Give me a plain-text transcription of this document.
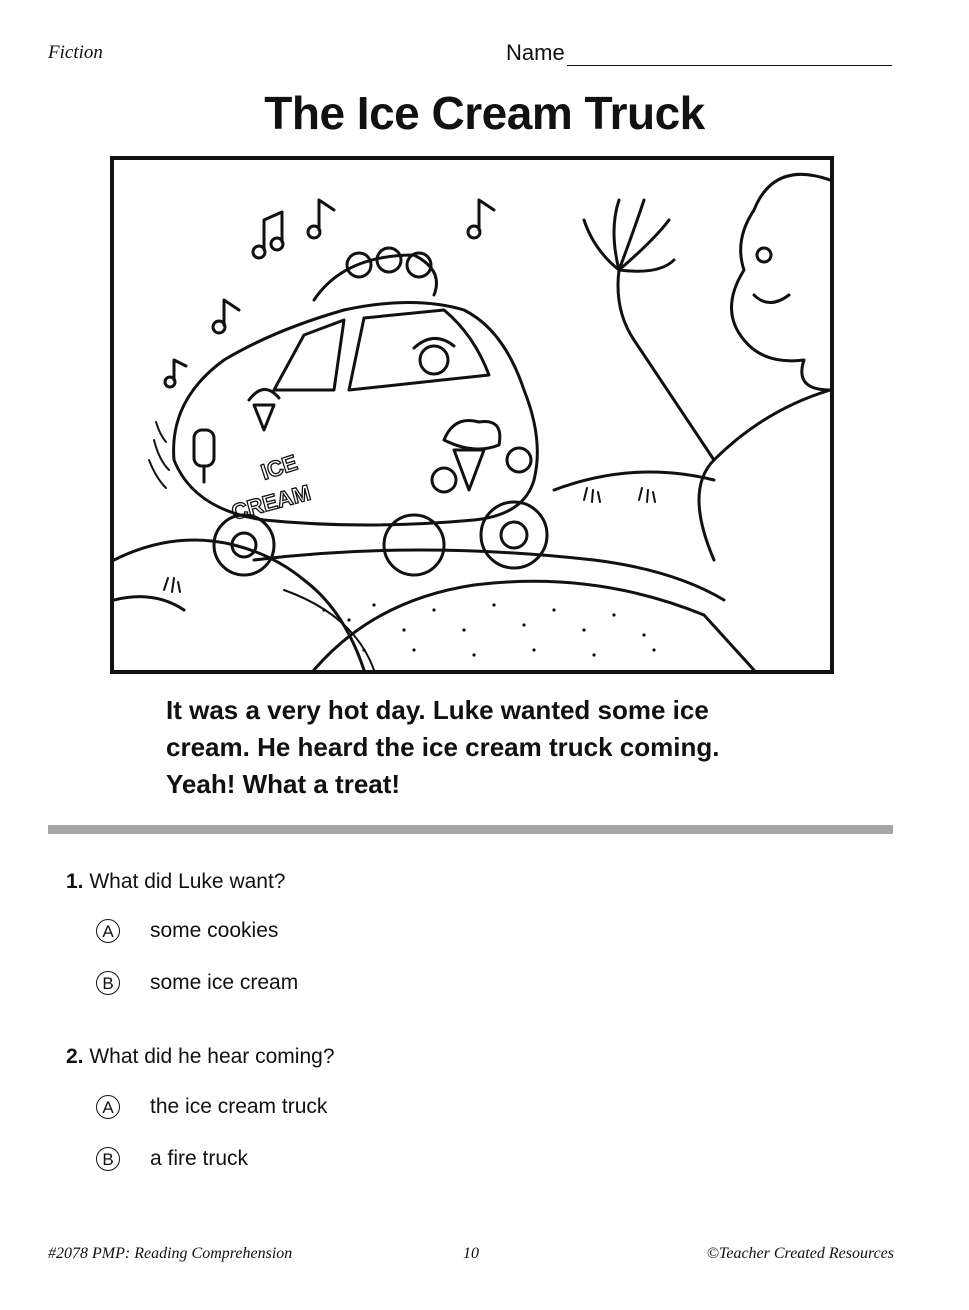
Fiction	Name
The Ice Cream Truck
ICE
CREAM
It was a very hot day. Luke wanted some ice
cream. He heard the ice cream truck coming.
Yeah! What a treat!
1. What did Luke want?
A	some cookies
B	some ice cream
2. What did he hear coming?
A	the ice cream truck
B	a fire truck
#2078 PMP: Reading Comprehension	10	©Teacher Created Resources
